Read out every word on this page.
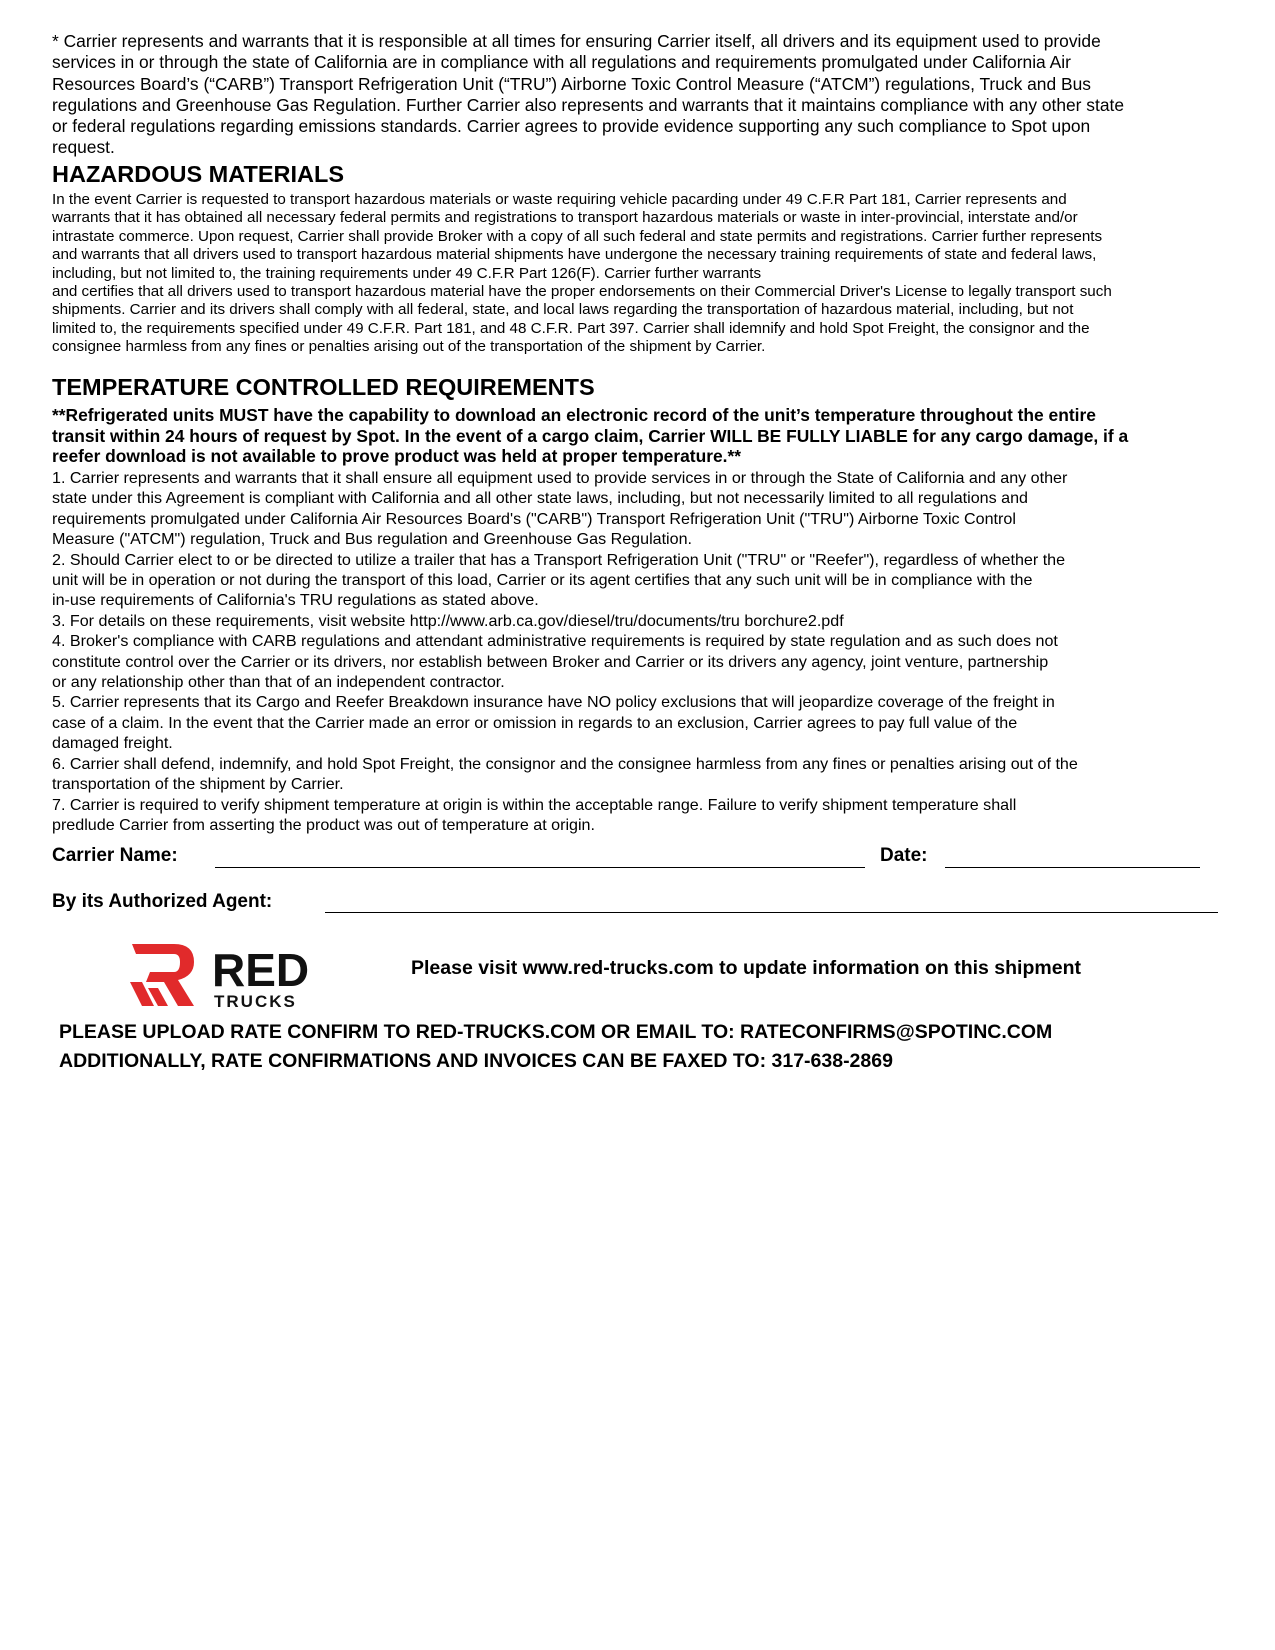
* Carrier represents and warrants that it is responsible at all times for ensuring Carrier itself, all drivers and its equipment used to provide
services in or through the state of California are in compliance with all regulations and requirements promulgated under California Air
Resources Board’s (“CARB”) Transport Refrigeration Unit (“TRU”) Airborne Toxic Control Measure (“ATCM”) regulations, Truck and Bus
regulations and Greenhouse Gas Regulation. Further Carrier also represents and warrants that it maintains compliance with any other state
or federal regulations regarding emissions standards. Carrier agrees to provide evidence supporting any such compliance to Spot upon
request.
HAZARDOUS MATERIALS
In the event Carrier is requested to transport hazardous materials or waste requiring vehicle pacarding under 49 C.F.R Part 181, Carrier represents and
warrants that it has obtained all necessary federal permits and registrations to transport hazardous materials or waste in inter-provincial, interstate and/or
intrastate commerce. Upon request, Carrier shall provide Broker with a copy of all such federal and state permits and registrations. Carrier further represents
and warrants that all drivers used to transport hazardous material shipments have undergone the necessary training requirements of state and federal laws,
including, but not limited to, the training requirements under 49 C.F.R Part 126(F). Carrier further warrants
and certifies that all drivers used to transport hazardous material have the proper endorsements on their Commercial Driver's License to legally transport such
shipments. Carrier and its drivers shall comply with all federal, state, and local laws regarding the transportation of hazardous material, including, but not
limited to, the requirements specified under 49 C.F.R. Part 181, and 48 C.F.R. Part 397. Carrier shall idemnify and hold Spot Freight, the consignor and the
consignee harmless from any fines or penalties arising out of the transportation of the shipment by Carrier.
TEMPERATURE CONTROLLED REQUIREMENTS
**Refrigerated units MUST have the capability to download an electronic record of the unit’s temperature throughout the entire
transit within 24 hours of request by Spot. In the event of a cargo claim, Carrier WILL BE FULLY LIABLE for any cargo damage, if a
reefer download is not available to prove product was held at proper temperature.**
1. Carrier represents and warrants that it shall ensure all equipment used to provide services in or through the State of California and any other
state under this Agreement is compliant with California and all other state laws, including, but not necessarily limited to all regulations and
requirements promulgated under California Air Resources Board's ("CARB") Transport Refrigeration Unit ("TRU") Airborne Toxic Control
Measure ("ATCM") regulation, Truck and Bus regulation and Greenhouse Gas Regulation.
2. Should Carrier elect to or be directed to utilize a trailer that has a Transport Refrigeration Unit ("TRU" or "Reefer"), regardless of whether the
unit will be in operation or not during the transport of this load, Carrier or its agent certifies that any such unit will be in compliance with the
in-use requirements of California's TRU regulations as stated above.
3. For details on these requirements, visit website http://www.arb.ca.gov/diesel/tru/documents/tru borchure2.pdf
4. Broker's compliance with CARB regulations and attendant administrative requirements is required by state regulation and as such does not
constitute control over the Carrier or its drivers, nor establish between Broker and Carrier or its drivers any agency, joint venture, partnership
or any relationship other than that of an independent contractor.
5. Carrier represents that its Cargo and Reefer Breakdown insurance have NO policy exclusions that will jeopardize coverage of the freight in
case of a claim. In the event that the Carrier made an error or omission in regards to an exclusion, Carrier agrees to pay full value of the
damaged freight.
6. Carrier shall defend, indemnify, and hold Spot Freight, the consignor and the consignee harmless from any fines or penalties arising out of the
transportation of the shipment by Carrier.
7. Carrier is required to verify shipment temperature at origin is within the acceptable range. Failure to verify shipment temperature shall
predlude Carrier from asserting the product was out of temperature at origin.
Carrier Name:	Date:
By its Authorized Agent:
RED
TRUCKS
Please visit www.red-trucks.com to update information on this shipment
PLEASE UPLOAD RATE CONFIRM TO RED-TRUCKS.COM OR EMAIL TO: RATECONFIRMS@SPOTINC.COM
ADDITIONALLY, RATE CONFIRMATIONS AND INVOICES CAN BE FAXED TO: 317-638-2869
